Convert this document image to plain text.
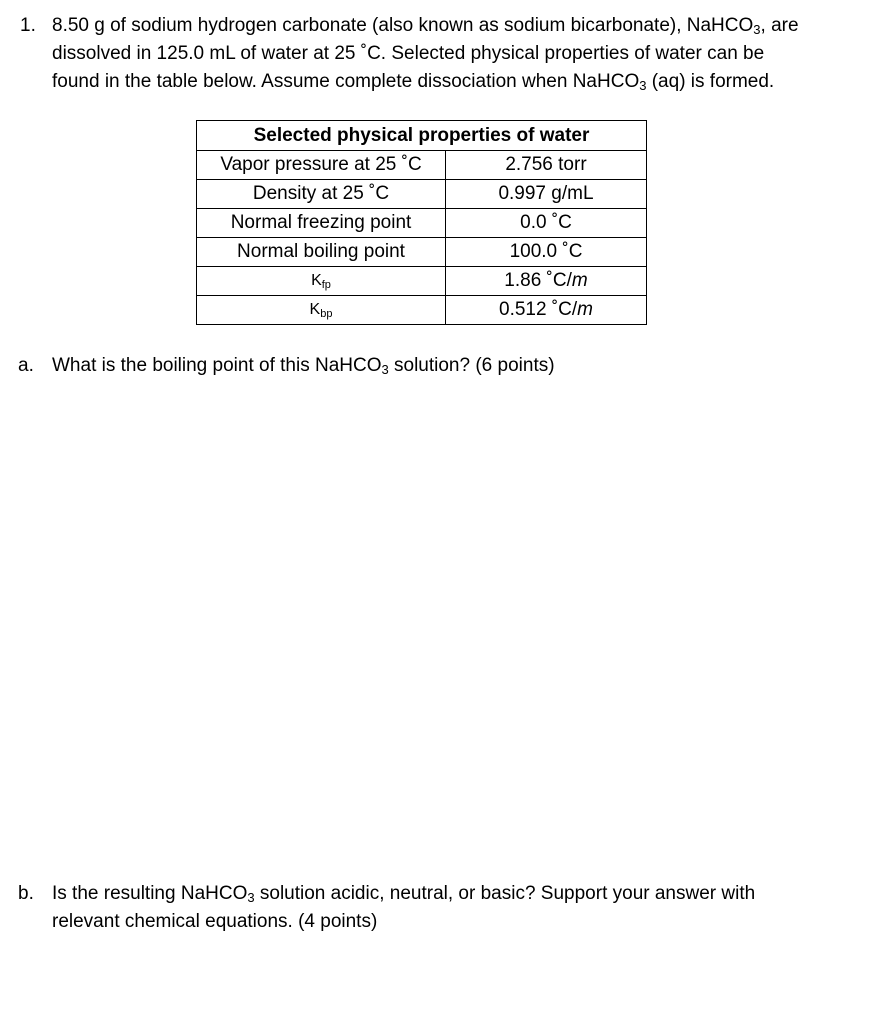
1. 8.50 g of sodium hydrogen carbonate (also known as sodium bicarbonate), NaHCO$_3$, are
dissolved in 125.0 mL of water at 25 ˚C. Selected physical properties of water can be
found in the table below. Assume complete dissociation when NaHCO$_3$ (aq) is formed.
Selected physical properties of water	
Vapor pressure at 25 ˚C	2.756 torr
Density at 25 ˚C	0.997 g/mL
Normal freezing point	0.0 ˚C
Normal boiling point	100.0 ˚C
$K_{fp}$	1.86 ˚C/m
$K_{bp}$	0.512 ˚C/m
a. What is the boiling point of this NaHCO$_3$ solution? (6 points)
b. Is the resulting NaHCO$_3$ solution acidic, neutral, or basic? Support your answer with
relevant chemical equations. (4 points)
